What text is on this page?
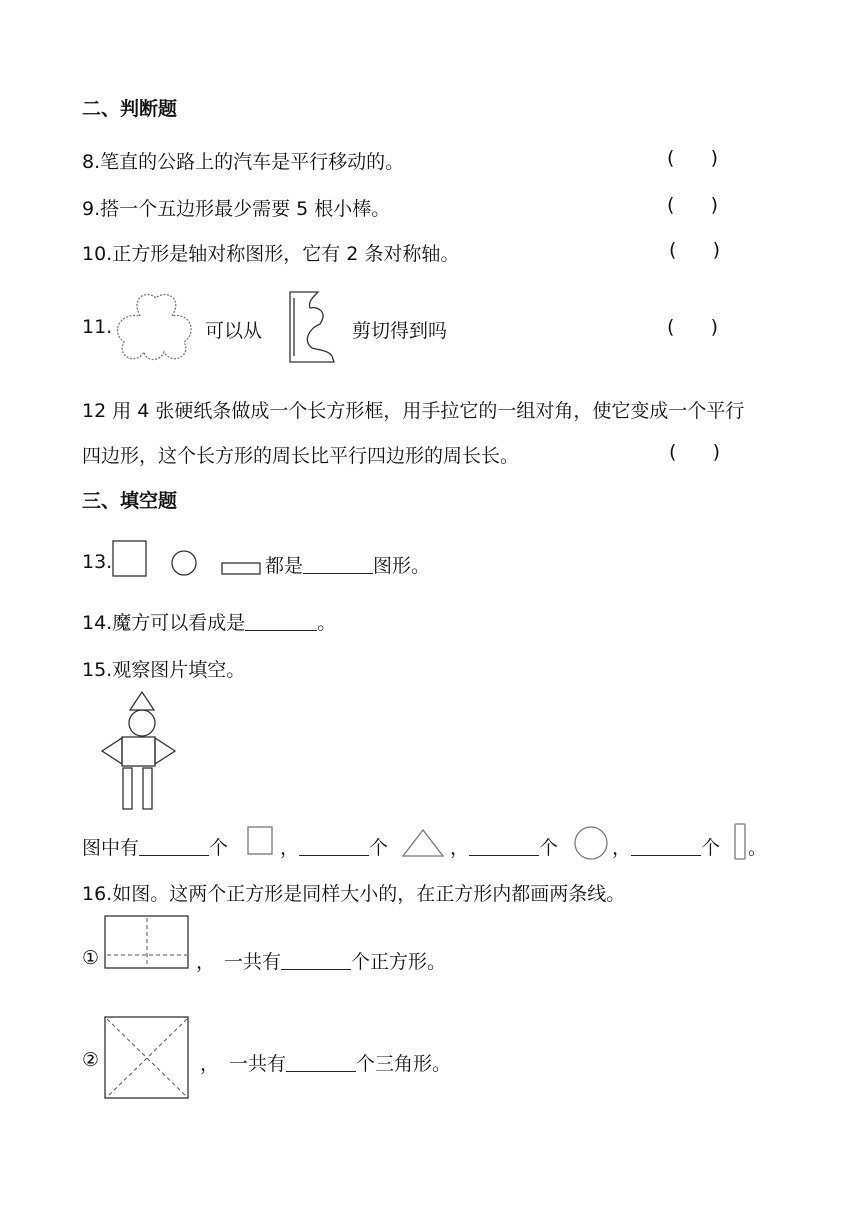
二、判断题
8.笔直的公路上的汽车是平行移动的。	(      )
9.搭一个五边形最少需要 5 根小棒。	(      )
10.正方形是轴对称图形，它有 2 条对称轴。	(      )
11.	可以从	剪切得到吗	(      )
12 用 4 张硬纸条做成一个长方形框，用手拉它的一组对角，使它变成一个平行
四边形，这个长方形的周长比平行四边形的周长长。	(      )
三、填空题
13.	都是	图形。
14.魔方可以看成是	。
15.观察图片填空。
图中有	个	，	个	，	个	，	个 。
16.如图。这两个正方形是同样大小的，在正方形内都画两条线。
①	， 一共有	个正方形。
②	， 一共有	个三角形。
